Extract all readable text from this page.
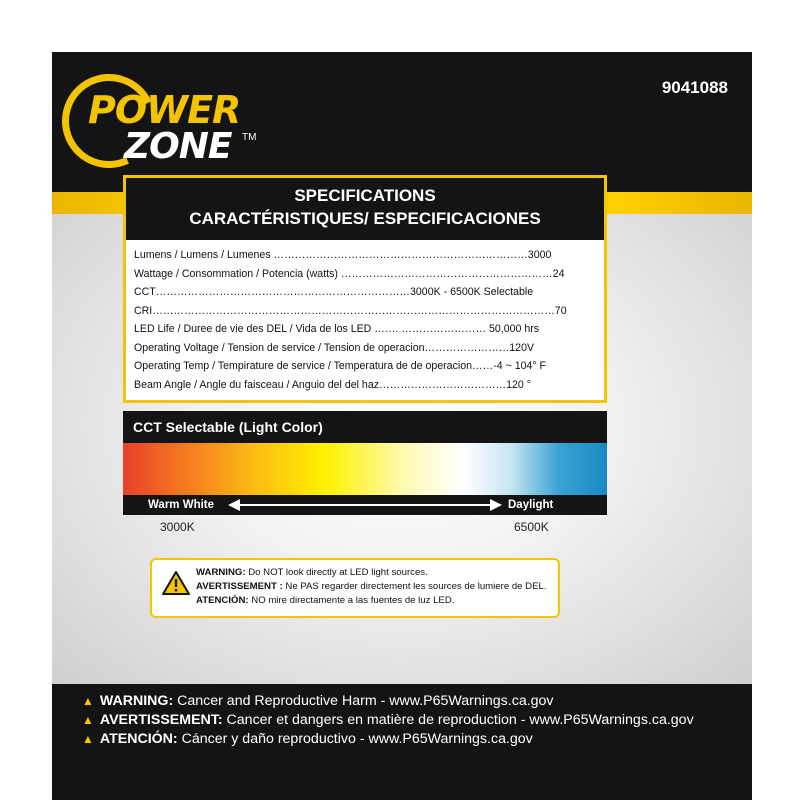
POWER
ZONE TM
9041088
▲ WARNING: Cancer and Reproductive Harm - www.P65Warnings.ca.gov
▲ AVERTISSEMENT: Cancer et dangers en matière de reproduction - www.P65Warnings.ca.gov
▲ ATENCIÓN: Cáncer y daño reproductivo - www.P65Warnings.ca.gov
SPECIFICATIONS
CARACTÉRISTIQUES/ ESPECIFICACIONES
Lumens / Lumens / Lumenes ………………………………………………………………3000
Wattage / Consommation / Potencia (watts) ……………………………………………………24
CCT………………………………………………………………3000K - 6500K Selectable
CRI……………………………………………………………………………………………………70
LED Life / Duree de vie des DEL / Vida de los LED ……. …………………… 50,000 hrs
Operating Voltage / Tension de service / Tension de operacion……………………120V
Operating Temp / Tempirature de service / Temperatura de de operacion……-4 ~ 104° F
Beam Angle / Angle du faisceau / Anguio del del haz………………………………120 °
CCT Selectable (Light Color)
Warm White	Daylight
3000K	6500K
WARNING: Do NOT look directly at LED light sources.
AVERTISSEMENT : Ne PAS regarder directement les sources de lumiere de DEL.
ATENCIÓN: NO mire directamente a las fuentes de luz LED.
